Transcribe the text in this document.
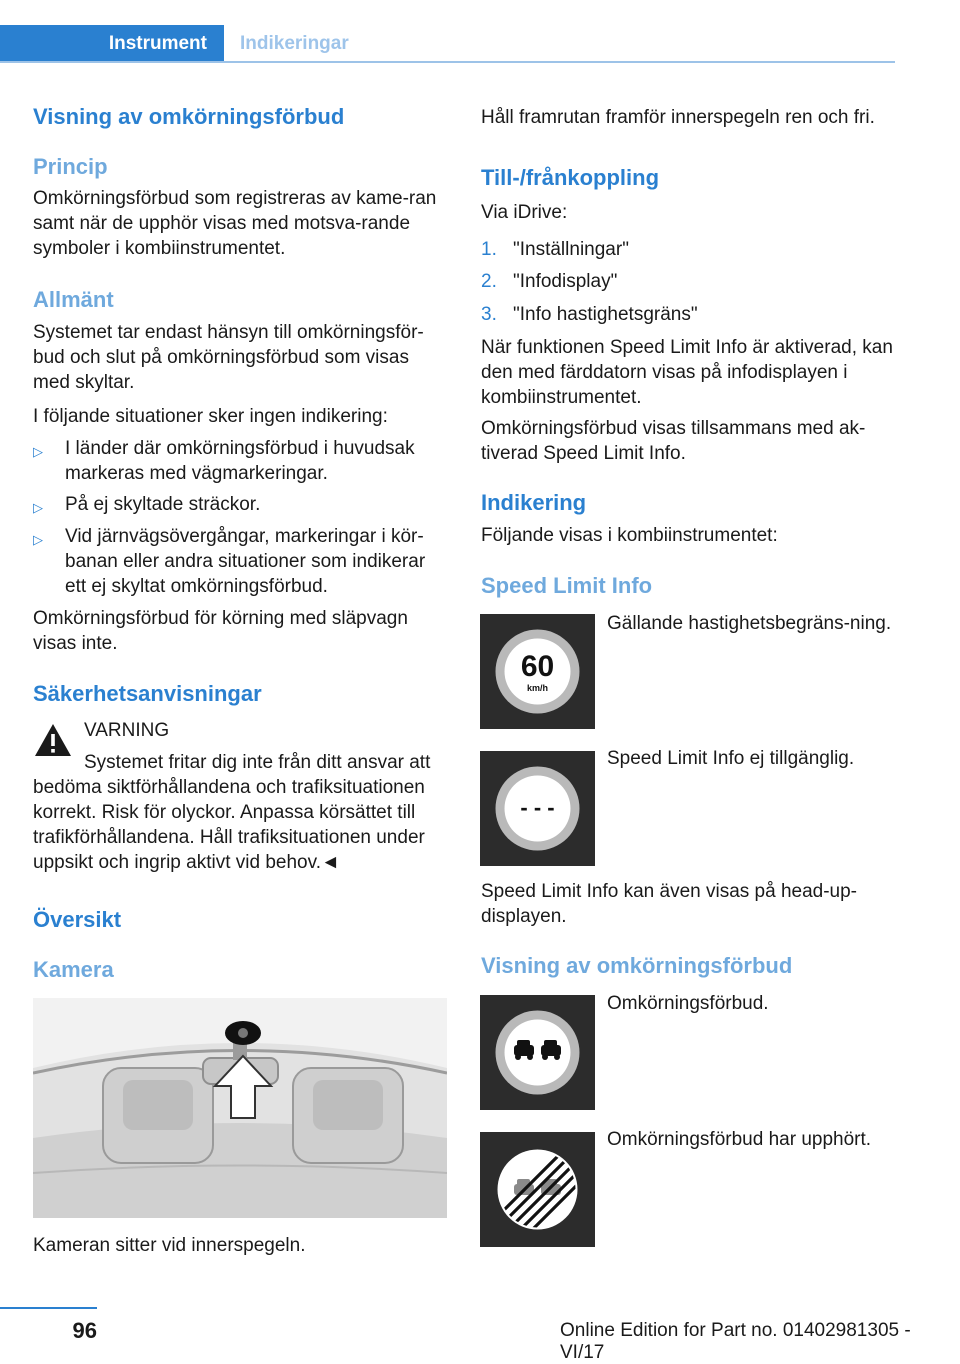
Instrument	Indikeringar
Visning av omkörningsförbud
Princip
Omkörningsförbud som registreras av kame-ran samt när de upphör visas med motsva-rande symboler i kombiinstrumentet.
Allmänt
Systemet tar endast hänsyn till omkörningsför-bud och slut på omkörningsförbud som visas med skyltar.
I följande situationer sker ingen indikering:
▷	I länder där omkörningsförbud i huvudsak markeras med vägmarkeringar.
▷	På ej skyltade sträckor.
▷	Vid järnvägsövergångar, markeringar i kör-banan eller andra situationer som indikerar ett ej skyltat omkörningsförbud.
Omkörningsförbud för körning med släpvagn visas inte.
Säkerhetsanvisningar
VARNING
Systemet fritar dig inte från ditt ansvar att
bedöma siktförhållandena och trafiksituationen korrekt. Risk för olyckor. Anpassa körsättet till trafikförhållandena. Håll trafiksituationen under uppsikt och ingrip aktivt vid behov.◄
Översikt
Kamera
Kameran sitter vid innerspegeln.
Håll framrutan framför innerspegeln ren och fri.
Till-/frånkoppling
Via iDrive:
1. "Inställningar"
2. "Infodisplay"
3. "Info hastighetsgräns"
När funktionen Speed Limit Info är aktiverad, kan den med färddatorn visas på infodisplayen i kombiinstrumentet.
Omkörningsförbud visas tillsammans med ak-tiverad Speed Limit Info.
Indikering
Följande visas i kombiinstrumentet:
Speed Limit Info
60
km/h
Gällande hastighetsbegräns-ning.
- - -
Speed Limit Info ej tillgänglig.
Speed Limit Info kan även visas på head-up-displayen.
Visning av omkörningsförbud
Omkörningsförbud.
Omkörningsförbud har upphört.
96	Online Edition for Part no. 01402981305 - VI/17
